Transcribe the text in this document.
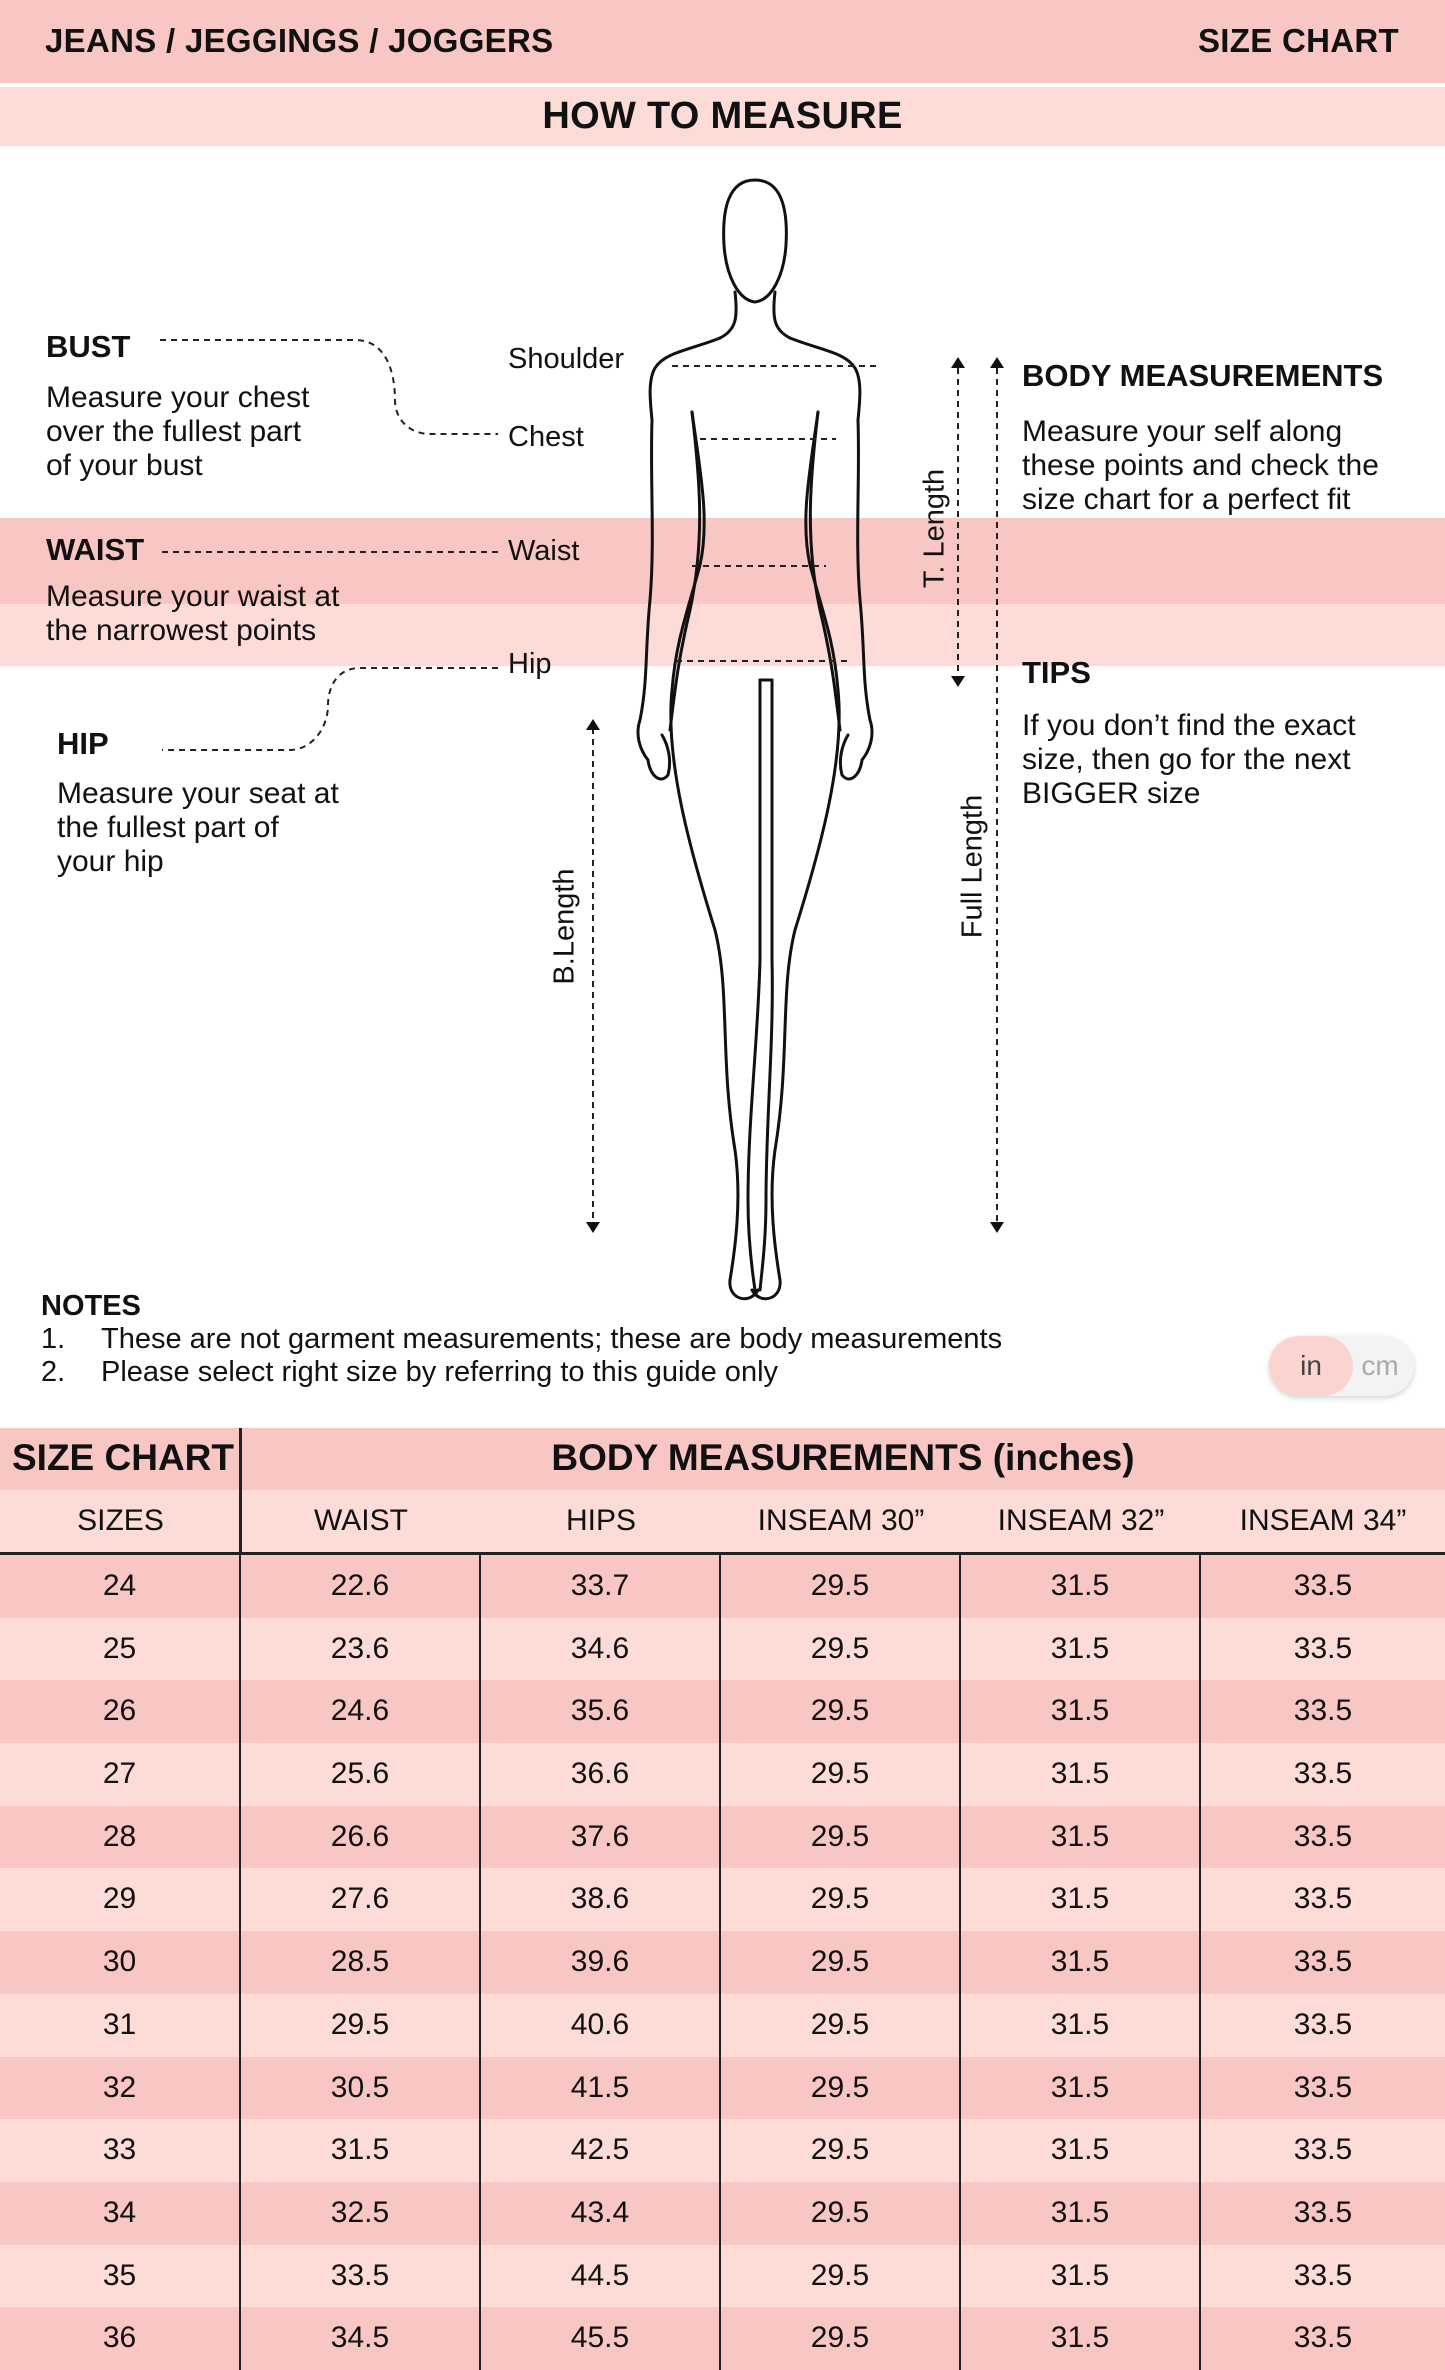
JEANS / JEGGINGS / JOGGERS	SIZE CHART
HOW TO MEASURE
BUST
Measure your chest
over the fullest part
of your bust
WAIST
Measure your waist at
the narrowest points
HIP
Measure your seat at
the fullest part of
your hip
Shoulder
Chest
Waist
Hip
B.Length
T. Length
Full Length
BODY MEASUREMENTS
Measure your self along
these points and check the
size chart for a perfect fit
TIPS
If you don’t find the exact
size, then go for the next
BIGGER size
NOTES
1.	These are not garment measurements; these are body measurements
2.	Please select right size by referring to this guide only	in	cm
SIZE CHART	BODY MEASUREMENTS (inches)
SIZES	WAIST	HIPS	INSEAM 30”	INSEAM 32”	INSEAM 34”
24	22.6	33.7	29.5	31.5	33.5
25	23.6	34.6	29.5	31.5	33.5
26	24.6	35.6	29.5	31.5	33.5
27	25.6	36.6	29.5	31.5	33.5
28	26.6	37.6	29.5	31.5	33.5
29	27.6	38.6	29.5	31.5	33.5
30	28.5	39.6	29.5	31.5	33.5
31	29.5	40.6	29.5	31.5	33.5
32	30.5	41.5	29.5	31.5	33.5
33	31.5	42.5	29.5	31.5	33.5
34	32.5	43.4	29.5	31.5	33.5
35	33.5	44.5	29.5	31.5	33.5
36	34.5	45.5	29.5	31.5	33.5
